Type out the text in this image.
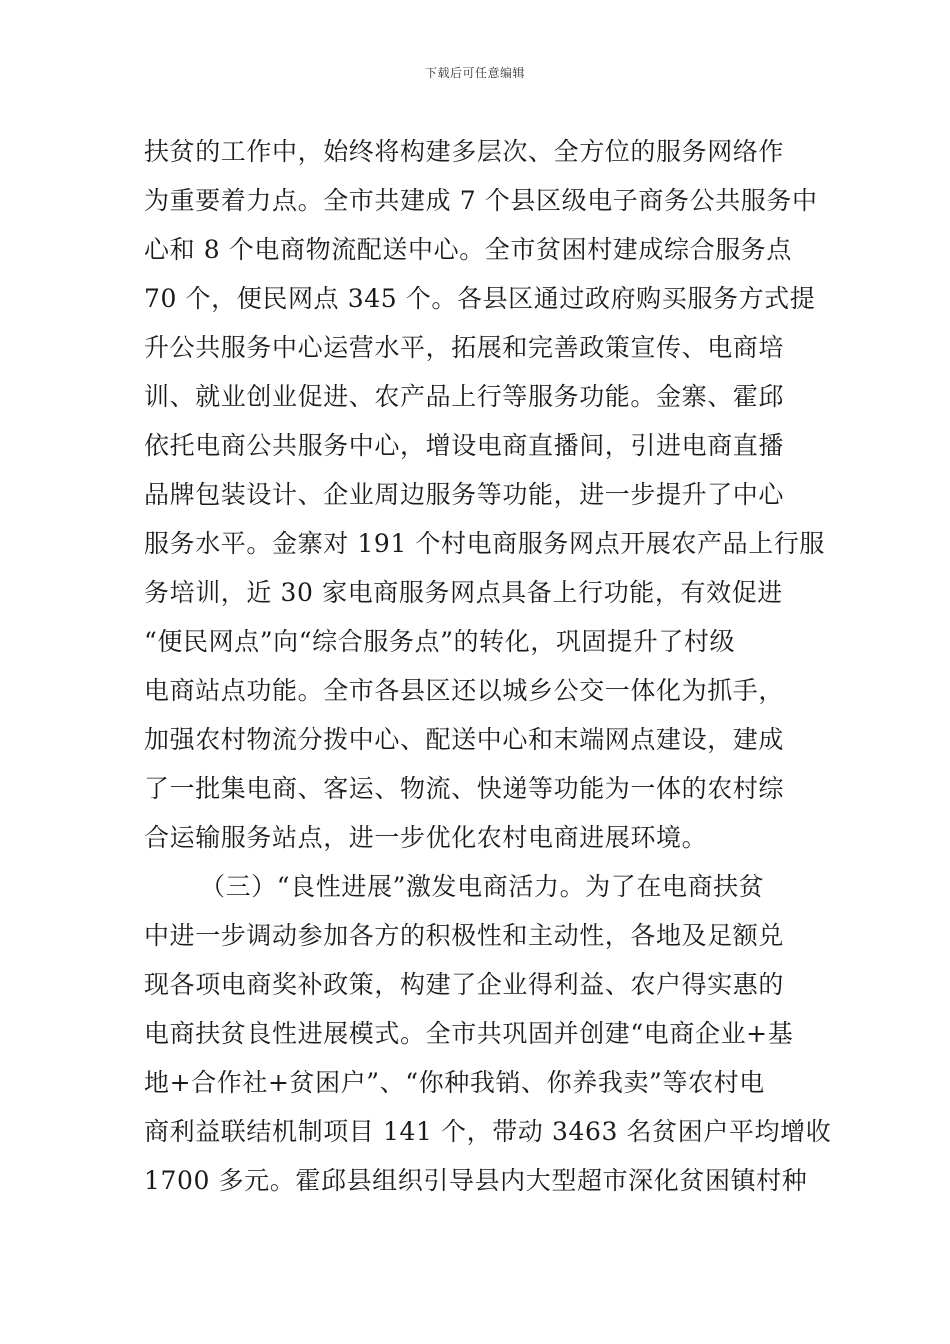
下载后可任意编辑
扶贫的工作中，始终将构建多层次、全方位的服务网络作
为重要着力点。全市共建成 7 个县区级电子商务公共服务中
心和 8 个电商物流配送中心。全市贫困村建成综合服务点
70 个，便民网点 345 个。各县区通过政府购买服务方式提
升公共服务中心运营水平，拓展和完善政策宣传、电商培
训、就业创业促进、农产品上行等服务功能。金寨、霍邱
依托电商公共服务中心，增设电商直播间，引进电商直播
品牌包装设计、企业周边服务等功能，进一步提升了中心
服务水平。金寨对 191 个村电商服务网点开展农产品上行服
务培训，近 30 家电商服务网点具备上行功能，有效促进
“便民网点”向“综合服务点”的转化，巩固提升了村级
电商站点功能。全市各县区还以城乡公交一体化为抓手，
加强农村物流分拨中心、配送中心和末端网点建设，建成
了一批集电商、客运、物流、快递等功能为一体的农村综
合运输服务站点，进一步优化农村电商进展环境。
（三）“良性进展”激发电商活力。为了在电商扶贫
中进一步调动参加各方的积极性和主动性，各地及足额兑
现各项电商奖补政策，构建了企业得利益、农户得实惠的
电商扶贫良性进展模式。全市共巩固并创建“电商企业+基
地+合作社+贫困户”、“你种我销、你养我卖”等农村电
商利益联结机制项目 141 个，带动 3463 名贫困户平均增收
1700 多元。霍邱县组织引导县内大型超市深化贫困镇村种
